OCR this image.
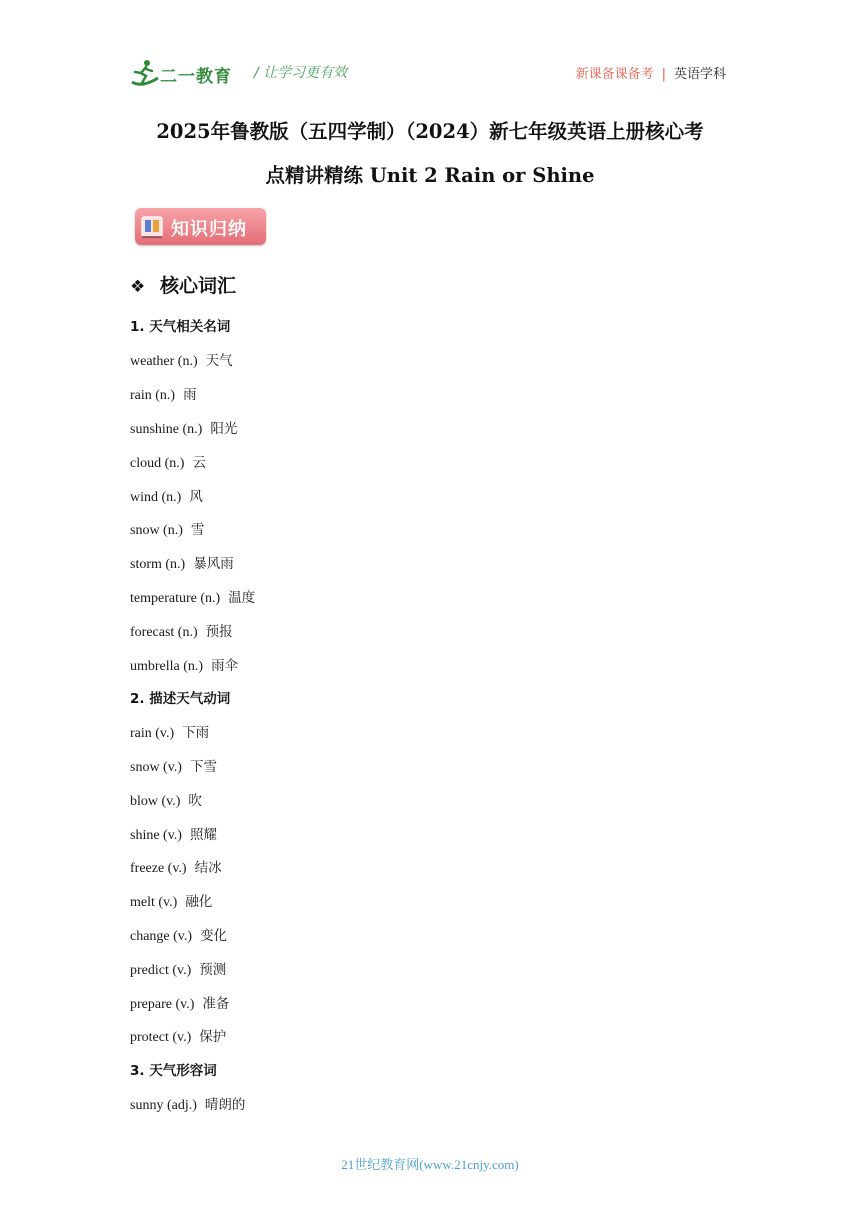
二一教育 / 让学习更有效	新课备课备考 | 英语学科
2025年鲁教版（五四学制）（2024）新七年级英语上册核心考
点精讲精练 Unit 2 Rain or Shine
知识归纳
❖ 核心词汇
1. 天气相关名词
weather (n.) 天气
rain (n.) 雨
sunshine (n.) 阳光
cloud (n.) 云
wind (n.) 风
snow (n.) 雪
storm (n.) 暴风雨
temperature (n.) 温度
forecast (n.) 预报
umbrella (n.) 雨伞
2. 描述天气动词
rain (v.) 下雨
snow (v.) 下雪
blow (v.) 吹
shine (v.) 照耀
freeze (v.) 结冰
melt (v.) 融化
change (v.) 变化
predict (v.) 预测
prepare (v.) 准备
protect (v.) 保护
3. 天气形容词
sunny (adj.) 晴朗的
21世纪教育网(www.21cnjy.com)
